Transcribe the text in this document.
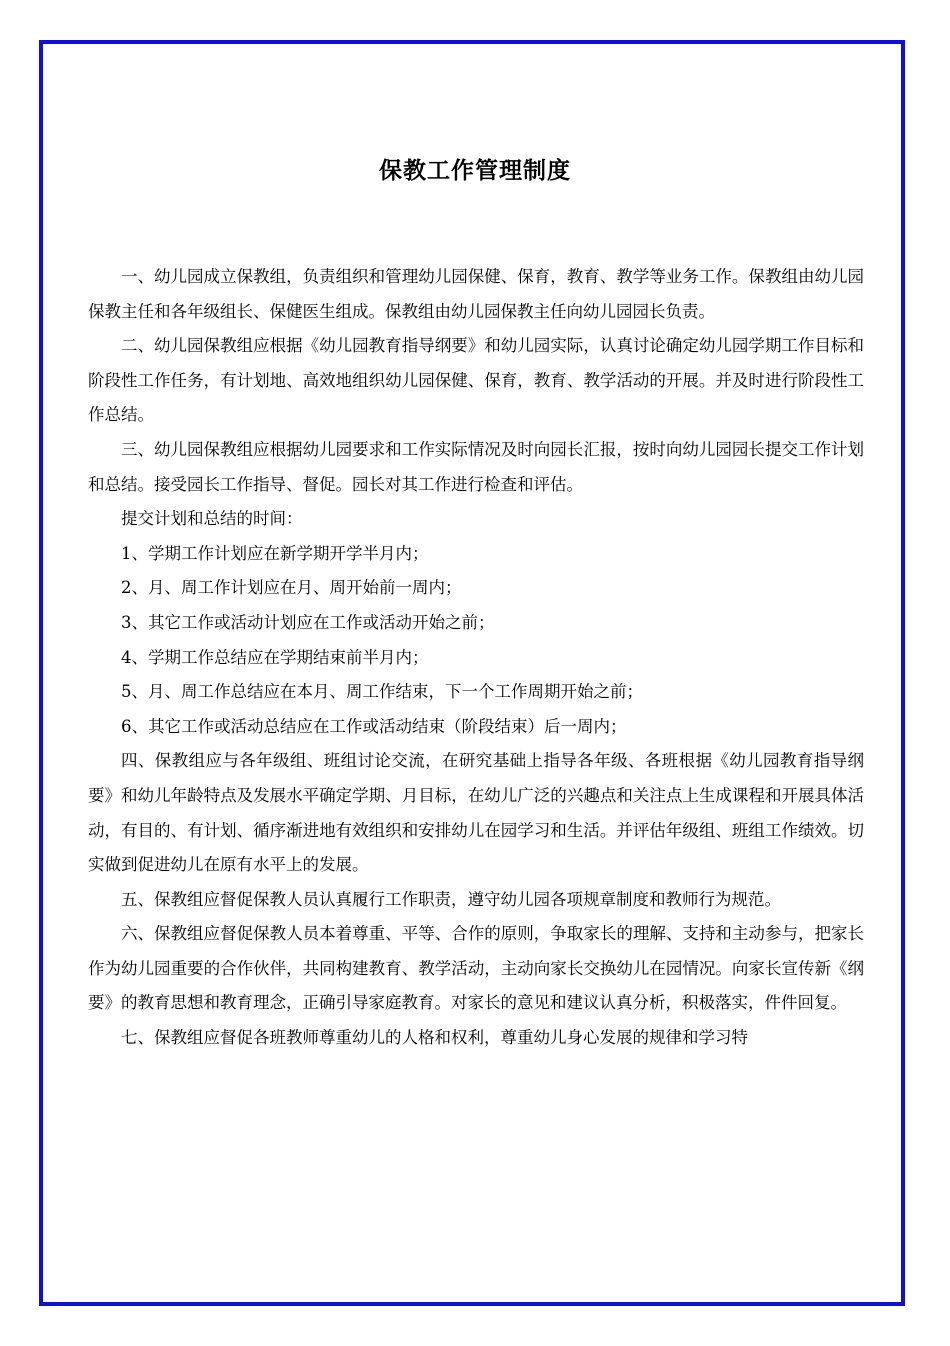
保教工作管理制度

一、幼儿园成立保教组，负责组织和管理幼儿园保健、保育，教育、教学等业务工作。保教组由幼儿园保教主任和各年级组长、保健医生组成。保教组由幼儿园保教主任向幼儿园园长负责。

二、幼儿园保教组应根据《幼儿园教育指导纲要》和幼儿园实际，认真讨论确定幼儿园学期工作目标和阶段性工作任务，有计划地、高效地组织幼儿园保健、保育，教育、教学活动的开展。并及时进行阶段性工作总结。

三、幼儿园保教组应根据幼儿园要求和工作实际情况及时向园长汇报，按时向幼儿园园长提交工作计划和总结。接受园长工作指导、督促。园长对其工作进行检查和评估。

提交计划和总结的时间：

1、学期工作计划应在新学期开学半月内；

2、月、周工作计划应在月、周开始前一周内；

3、其它工作或活动计划应在工作或活动开始之前；

4、学期工作总结应在学期结束前半月内；

5、月、周工作总结应在本月、周工作结束，下一个工作周期开始之前；

6、其它工作或活动总结应在工作或活动结束（阶段结束）后一周内；

四、保教组应与各年级组、班组讨论交流，在研究基础上指导各年级、各班根据《幼儿园教育指导纲要》和幼儿年龄特点及发展水平确定学期、月目标，在幼儿广泛的兴趣点和关注点上生成课程和开展具体活动，有目的、有计划、循序渐进地有效组织和安排幼儿在园学习和生活。并评估年级组、班组工作绩效。切实做到促进幼儿在原有水平上的发展。

五、保教组应督促保教人员认真履行工作职责，遵守幼儿园各项规章制度和教师行为规范。

六、保教组应督促保教人员本着尊重、平等、合作的原则，争取家长的理解、支持和主动参与，把家长作为幼儿园重要的合作伙伴，共同构建教育、教学活动，主动向家长交换幼儿在园情况。向家长宣传新《纲要》的教育思想和教育理念，正确引导家庭教育。对家长的意见和建议认真分析，积极落实，件件回复。

七、保教组应督促各班教师尊重幼儿的人格和权利，尊重幼儿身心发展的规律和学习特
